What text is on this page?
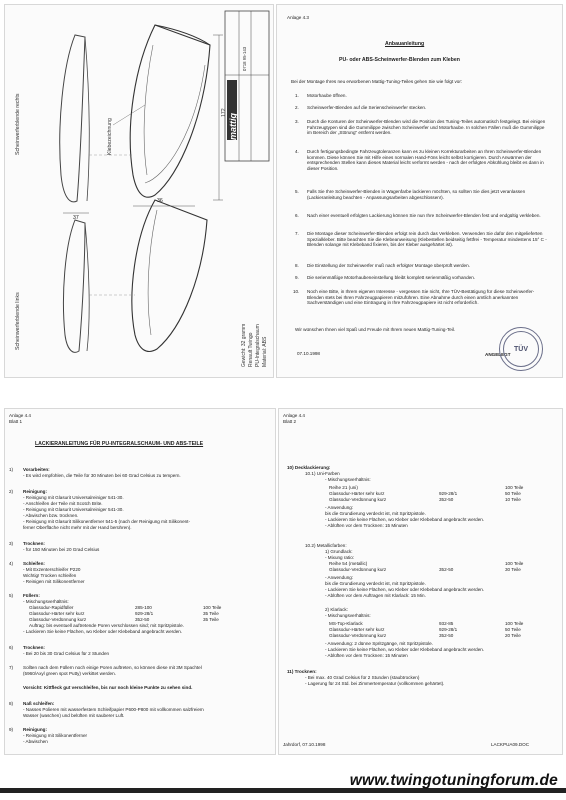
Scheinwerferblende rechts
Scheinwerferblende links
Klebezeichnung
37
36
172
mattig
0718 95-143
Gewicht: 32 gramm Renault Twingo PU-Integralschaum Material: ABS
Anlage 4.3
Anbauanleitung
PU- oder ABS-Scheinwerfer-Blenden zum Kleben
Bei der Montage Ihres neu erworbenen Mattig-Tuning-Teiles gehen Sie wie folgt vor:
1. Motorhaube öffnen.
2. Scheinwerfer-Blenden auf die Serienscheinwerfer stecken.
3. Durch die Konturen der Scheinwerfer-Blenden wird die Position des Tuning-Teiles automatisch festgelegt. Bei einigen Fahrzeugtypen sind die Gummilippe zwischen Scheinwerfer und Motorhaube. In solchen Fällen muß die Gummilippe im Bereich der „Störung“ entfernt werden.
4. Durch fertigungsbedingte Fahrzeugtoleranzen kann es zu kleinen Korrekturarbeiten an Ihren Scheinwerfer-Blenden kommen. Diese können Sie mit Hilfe eines normalen Hand-Föns leicht selbst korrigieren. Durch Anwärmen der entsprechenden Stellen kann dieses Material leicht verformt werden - nach der erfolgten Abkühlung bleibt es dann in dieser Position.
5. Falls Sie Ihre Scheinwerfer-Blenden in Wagenfarbe lackieren möchten, so sollten Sie dies jetzt veranlassen (Lackieranleitung beachten - Anpassungsarbeiten abgeschlossen!).
6. Nach einer eventuell erfolgten Lackierung können Sie nun Ihre Scheinwerfer-Blenden fest und endgültig verkleben.
7. Die Montage dieser Scheinwerfer-Blenden erfolgt rein durch das Verkleben. Verwenden Sie dafür den mitgelieferten Spezialkleber. Bitte beachten Sie die Klebeanweisung (Klebestellen beidseitig fettfrei - Temperatur mindestens 15° C - Blenden solange mit Klebeband fixieren, bis der Kleber ausgehärtet ist).
8. Die Einstellung der Scheinwerfer muß nach erfolgter Montage überprüft werden.
9. Die serienmäßige Motorhaubeneinstellung bleibt komplett serienmäßig vorhanden.
10. Noch eine Bitte, in Ihrem eigenen Interesse - vergessen Sie nicht, Ihre TÜV-Bestätigung für diese Scheinwerfer-Blenden stets bei Ihren Fahrzeugpapieren mitzuführen. Eine Abnahme durch einen amtlich anerkannten Sachverständigen und eine Eintragung in Ihre Fahrzeugpapiere ist nicht erforderlich.
Wir wünschen Ihnen viel Spaß und Freude mit Ihrem neuen Mattig-Tuning-Teil.
07.10.1998	ANGELEGT
TÜV
Anlage 4.4
Blatt 1
LACKIERANLEITUNG FÜR PU-INTEGRALSCHAUM- UND ABS-TEILE
1) Vorarbeiten:
- Es wird empfohlen, die Teile für 30 Minuten bei 60 Grad Celsius zu tempern.
2) Reinigung:
- Reinigung mit Glasurit Universalreiniger 541-30.
- Anschleifen der Teile mit Scotch Brite.
- Reinigung mit Glasurit Universalreiniger 541-30.
- Abwischen bzw. trocknen.
- Reinigung mit Glasurit Silikonentferner 541-5 (nach der Reinigung mit Silikonent-
ferner Oberfläche nicht mehr mit der Hand berühren).
3) Trocknen:
- für 150 Minuten bei 20 Grad Celsius
4) Schleifen:
- Mit Exzenterschleifer P220
Wichtig! Trocken schleifen
- Reinigen mit Silikonentferner
5) Füllern:
- Mischungsverhältnis:
Glassodur-Rapidfüller	285-100	100 Teile
Glassodur-Härter sehr kurz	929-28/1	35 Teile
Glassodur-Verdünnung kurz	352-50	35 Teile
Auftrag: bis eventuell auftretende Poren verschlossen sind; mit Spritzpistole.
- Lackieren Sie keine Flächen, wo Kleber oder Klebeband angebracht werden.
6) Trocknen:
- Bei 20 bis 30 Grad Celsius für 2 Stunden
7) Sollten nach dem Füllern noch einige Poren auftreten, so können diese mit 3M Spachtel
(5960/Axyl green spot Putty) verkittet werden.
Vorsicht: Kittfleck gut verschleifen, bis nur noch kleine Punkte zu sehen sind.
8) Naß schleifen:
- Nasses Polieren mit wasserfestem Schleifpapier P600-P800 mit vollkommen salzfreiem
Wasser (waschen) und belüften mit sauberer Luft.
9) Reinigung:
- Reinigung mit Silikonentferner
- Abwischen
Anlage 4.4
Blatt 2
10) Decklackierung:
10.1) Uni-Farben
- Mischungsverhältnis:
Reihe 21 (uni)	100 Teile
Glassodur-Härter sehr kurz	929-28/1	50 Teile
Glassodur-Verdünnung kurz	352-50	10 Teile
- Anwendung:
bis die Grundierung verdeckt ist, mit Spritzpistole.
- Lackieren Sie keine Flächen, wo Kleber oder Klebeband angebracht werden.
- Ablüften vor dem Trocknen: 15 Minuten
10.2) Metallicfarben:
1) Grundlack:
- Mixung ratio:
Reihe 54 (metallic)	100 Teile
Glassodur-Verdünnung kurz	352-50	30 Teile
- Anwendung:
bis die Grundierung verdeckt ist, mit Spritzpistole.
- Lackieren Sie keine Flächen, wo Kleber oder Klebeband angebracht werden.
- Ablüften vor dem Auftragen mit Klarlack: 15 Min.
2) Klarlack:
- Mischungsverhältnis:
MS-Top-Klarlack	932-85	100 Teile
Glassodur-Härter sehr kurz	929-28/1	50 Teile
Glassodur-Verdünnung kurz	352-50	20 Teile
- Anwendung: 2 dünne Spritzgänge, mit Spritzpistole.
- Lackieren Sie keine Flächen, wo Kleber oder Klebeband angebracht werden.
- Ablüften vor dem Trocknen: 15 Minuten
11) Trocknen:
- Bei max. 40 Grad Celsius für 2 Stunden (staubtrocken)
- Lagerung für 24 Std. bei Zimmertemperatur (vollkommen gehärtet).
Jahrdorf, 07.10.1998	LACKPUA09.DOC
www.twingotuningforum.de
